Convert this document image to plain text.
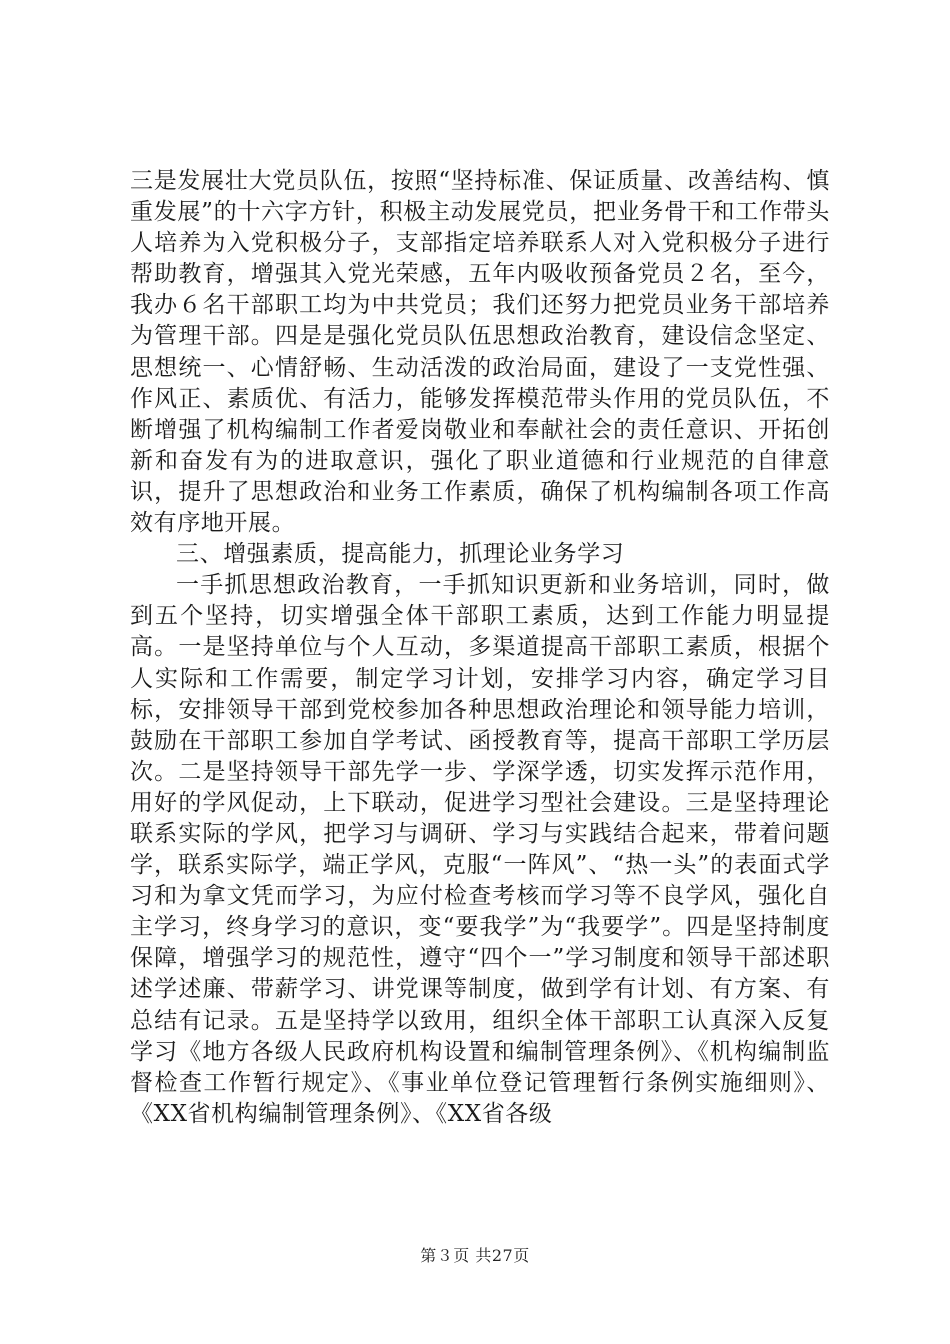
三是发展壮大党员队伍，按照“坚持标准、保证质量、改善结构、慎重发展”的十六字方针，积极主动发展党员，把业务骨干和工作带头人培养为入党积极分子，支部指定培养联系人对入党积极分子进行帮助教育，增强其入党光荣感，五年内吸收预备党员２名，至今，我办６名干部职工均为中共党员；我们还努力把党员业务干部培养为管理干部。四是是强化党员队伍思想政治教育，建设信念坚定、思想统一、心情舒畅、生动活泼的政治局面，建设了一支党性强、作风正、素质优、有活力，能够发挥模范带头作用的党员队伍，不断增强了机构编制工作者爱岗敬业和奉献社会的责任意识、开拓创新和奋发有为的进取意识，强化了职业道德和行业规范的自律意识，提升了思想政治和业务工作素质，确保了机构编制各项工作高效有序地开展。

三、增强素质，提高能力，抓理论业务学习

一手抓思想政治教育，一手抓知识更新和业务培训，同时，做到五个坚持，切实增强全体干部职工素质，达到工作能力明显提高。一是坚持单位与个人互动，多渠道提高干部职工素质，根据个人实际和工作需要，制定学习计划，安排学习内容，确定学习目标，安排领导干部到党校参加各种思想政治理论和领导能力培训，鼓励在干部职工参加自学考试、函授教育等，提高干部职工学历层次。二是坚持领导干部先学一步、学深学透，切实发挥示范作用，用好的学风促动，上下联动，促进学习型社会建设。三是坚持理论联系实际的学风，把学习与调研、学习与实践结合起来，带着问题学，联系实际学，端正学风，克服“一阵风”、“热一头”的表面式学习和为拿文凭而学习，为应付检查考核而学习等不良学风，强化自主学习，终身学习的意识，变“要我学”为“我要学”。四是坚持制度保障，增强学习的规范性，遵守“四个一”学习制度和领导干部述职述学述廉、带薪学习、讲党课等制度，做到学有计划、有方案、有总结有记录。五是坚持学以致用，组织全体干部职工认真深入反复学习《地方各级人民政府机构设置和编制管理条例》、《机构编制监督检查工作暂行规定》、《事业单位登记管理暂行条例实施细则》、《XX省机构编制管理条例》、《XX省各级

第３页 共27页
